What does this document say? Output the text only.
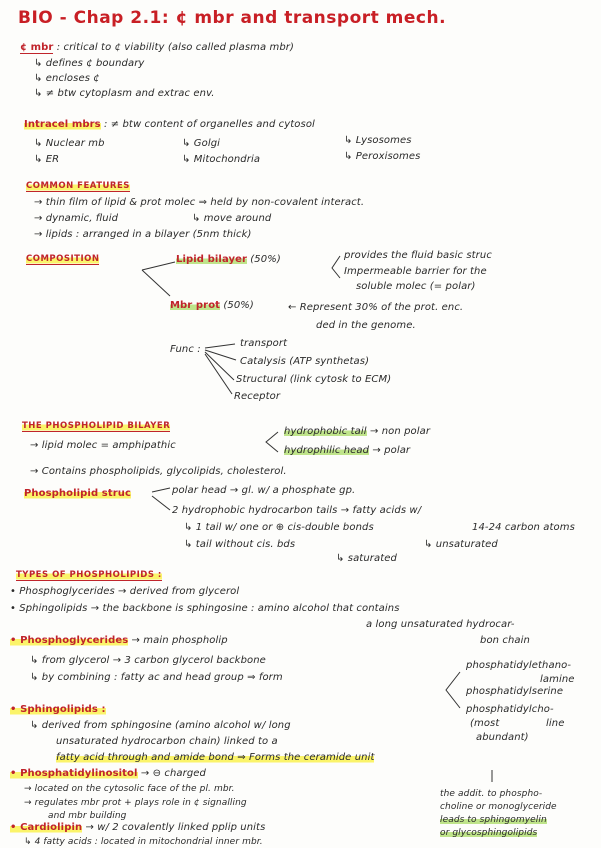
BIO - Chap 2.1: ¢ mbr and transport mech.
¢ mbr : critical to ¢ viability (also called plasma mbr)
↳ defines ¢ boundary
↳ encloses ¢
↳ ≠ btw cytoplasm and extrac env.
Intracel mbrs : ≠ btw content of organelles and cytosol
↳ Nuclear mb	↳ Golgi	↳ Lysosomes
↳ ER	↳ Mitochondria	↳ Peroxisomes
COMMON FEATURES
→ thin film of lipid & prot molec ⇒ held by non-covalent interact.
→ dynamic, fluid	↳ move around
→ lipids : arranged in a bilayer (5nm thick)
COMPOSITION	Lipid bilayer (50%)	provides the fluid basic struc
Impermeable barrier for the
soluble molec (= polar)
Mbr prot (50%)	← Represent 30% of the prot. enc.
ded in the genome.
Func :
transport
Catalysis (ATP synthetas)
Structural (link cytosk to ECM)
Receptor
THE PHOSPHOLIPID BILAYER
→ lipid molec = amphipathic
hydrophobic tail → non polar
hydrophilic head → polar
→ Contains phospholipids, glycolipids, cholesterol.
Phospholipid struc	polar head → gl. w/ a phosphate gp.
2 hydrophobic hydrocarbon tails → fatty acids w/
↳ 1 tail w/ one or ⊕ cis-double bonds	14-24 carbon atoms
↳ tail without cis. bds	↳ unsaturated
↳ saturated
TYPES OF PHOSPHOLIPIDS :
• Phosphoglycerides → derived from glycerol
• Sphingolipids → the backbone is sphingosine : amino alcohol that contains
a long unsaturated hydrocar-
bon chain
• Phosphoglycerides → main phospholip
↳ from glycerol → 3 carbon glycerol backbone
↳ by combining : fatty ac and head group ⇒ form
phosphatidylethano-
lamine
phosphatidylserine
phosphatidylcho-
(most	line
abundant)
• Sphingolipids :
↳ derived from sphingosine (amino alcohol w/ long
unsaturated hydrocarbon chain) linked to a
fatty acid through and amide bond ⇒ Forms the ceramide unit
the addit. to phospho-
choline or monoglyceride
leads to sphingomyelin
or glycosphingolipids
• Phosphatidylinositol → ⊖ charged
→ located on the cytosolic face of the pl. mbr.
→ regulates mbr prot + plays role in ¢ signalling
and mbr building
• Cardiolipin → w/ 2 covalently linked pplip units
↳ 4 fatty acids : located in mitochondrial inner mbr.
